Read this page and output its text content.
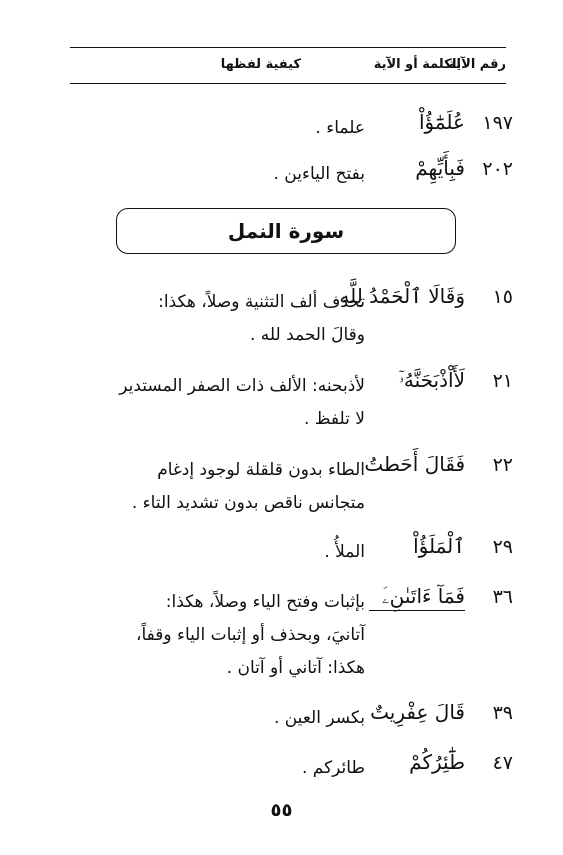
رقم الآية
الكلمة أو الآية
كيفية لفظها
١٩٧
عُلَمَٰٓؤُاْ
علماء .
٢٠٢
فَبِأَيِّهِمْ
بفتح الياءين .
سورة النمل
١٥
وَقَالَا ٱلْحَمْدُ لِلَّهِ
تحذف ألف التثنية وصلاً، هكذا:
وقالَ الحمد لله .
٢١
لَأَاْذْبَحَنَّهُۥٓ
لأذبحنه: الألف ذات الصفر المستدير
لا تلفظ .
٢٢
فَقَالَ أَحَطتُ
الطاء بدون قلقلة لوجود إدغام
متجانس ناقص بدون تشديد التاء .
٢٩
ٱلْمَلَؤُاْ
الملأُ .
٣٦
فَمَآ ءَاتَىٰنِۦَ
بإثبات وفتح الياء وصلاً، هكذا:
آتانيَ، وبحذف أو إثبات الياء وقفاً،
هكذا: آتاني أو آتان .
٣٩
قَالَ عِفْرِيتٌ
بكسر العين .
٤٧
طَٰٓئِرُكُمْ
طائركم .
٥٥
